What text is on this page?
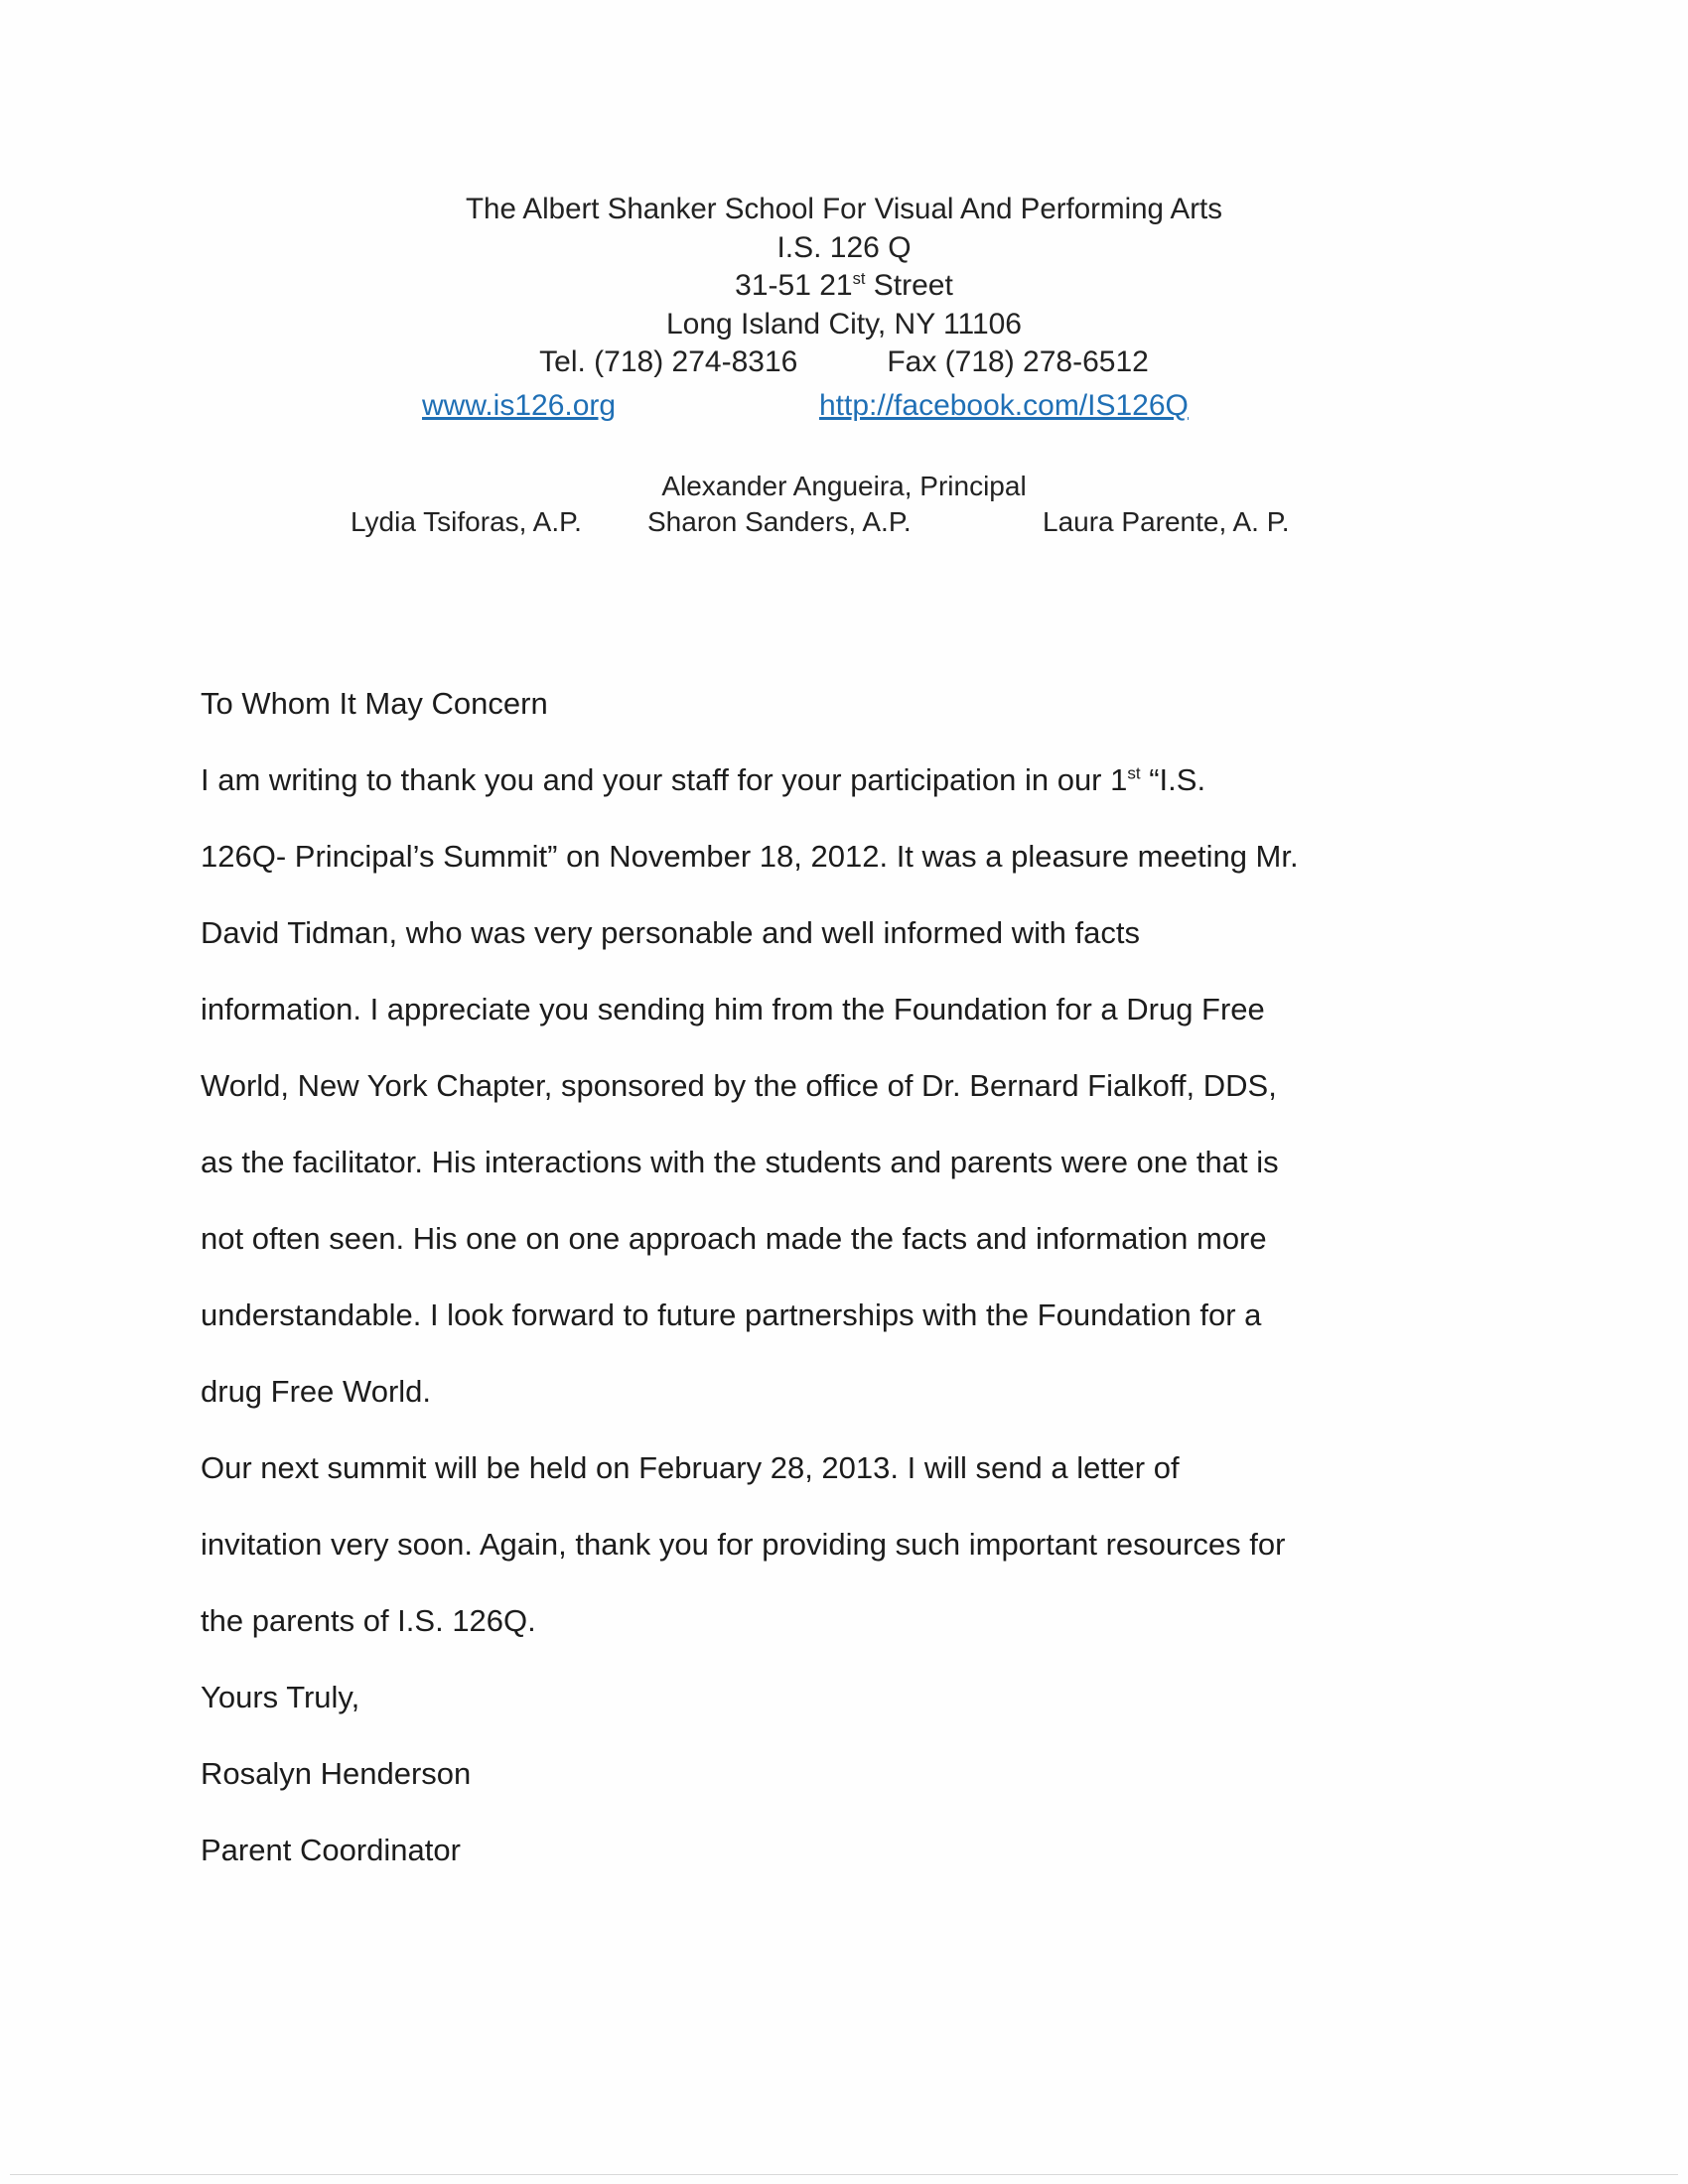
The Albert Shanker School For Visual And Performing Arts
I.S. 126 Q
31-51 21st Street
Long Island City, NY 11106
Tel. (718) 274-8316	Fax (718) 278-6512
www.is126.org	http://facebook.com/IS126Q
Alexander Angueira, Principal
Lydia Tsiforas, A.P. Sharon Sanders, A.P.	Laura Parente, A. P.
To Whom It May Concern
I am writing to thank you and your staff for your participation in our 1st “I.S.
126Q- Principal’s Summit” on November 18, 2012. It was a pleasure meeting Mr.
David Tidman, who was very personable and well informed with facts
information. I appreciate you sending him from the Foundation for a Drug Free
World, New York Chapter, sponsored by the office of Dr. Bernard Fialkoff, DDS,
as the facilitator. His interactions with the students and parents were one that is
not often seen. His one on one approach made the facts and information more
understandable. I look forward to future partnerships with the Foundation for a
drug Free World.
Our next summit will be held on February 28, 2013. I will send a letter of
invitation very soon. Again, thank you for providing such important resources for
the parents of I.S. 126Q.
Yours Truly,
Rosalyn Henderson
Parent Coordinator
